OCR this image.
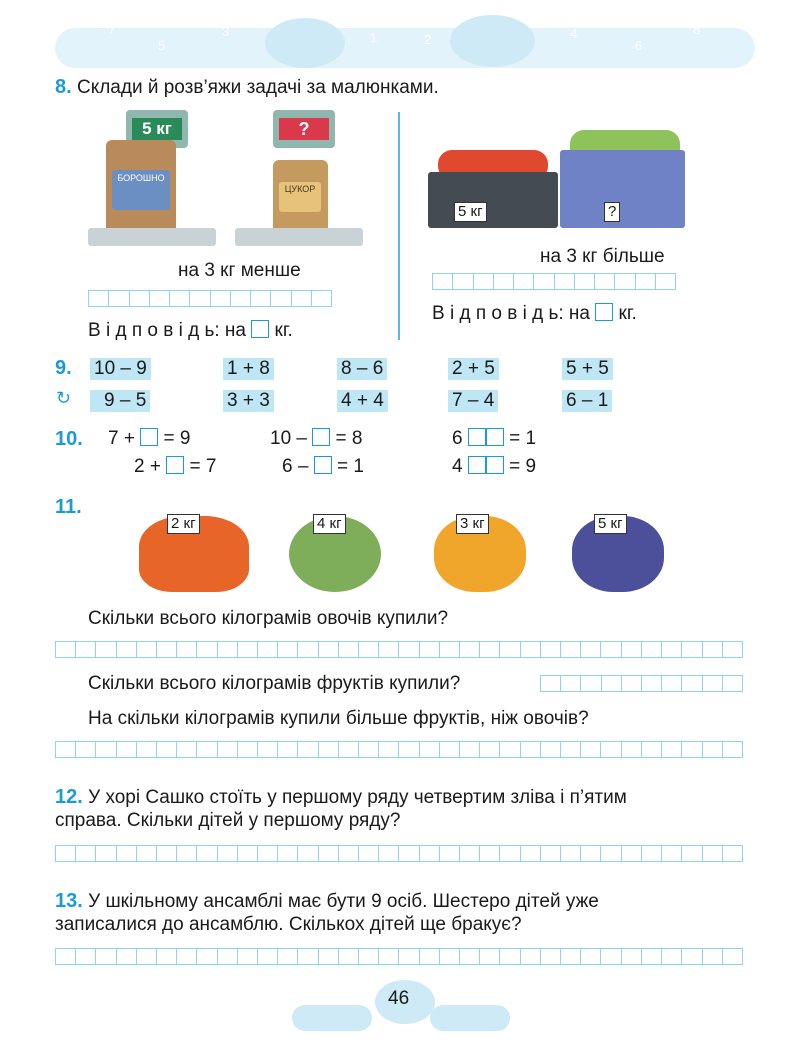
7
5
3	1
0
2	4
6
8
8. Склади й розв’яжи задачі за малюнками.
5 кг
БОРОШНО
?
ЦУКОР
на 3 кг менше
В і д п о в і д ь: на кг.
5 кг	?
на 3 кг більше
В і д п о в і д ь: на кг.
9.
↻
10 – 9	1 + 8	8 – 6	2 + 5	5 + 5
9 – 5	3 + 3	4 + 4	7 – 4	6 – 1
10. 7 + = 9	10 – = 8	6 = 1
2 + = 7	6 – = 1	4 = 9
11.
2 кг	4 кг	3 кг	5 кг
Скільки всього кілограмів овочів купили?
Скільки всього кілограмів фруктів купили?
На скільки кілограмів купили більше фруктів, ніж овочів?
12. У хорі Сашко стоїть у першому ряду четвертим зліва і п’ятим
справа. Скільки дітей у першому ряду?
13. У шкільному ансамблі має бути 9 осіб. Шестеро дітей уже
записалися до ансамблю. Скількох дітей ще бракує?
46
